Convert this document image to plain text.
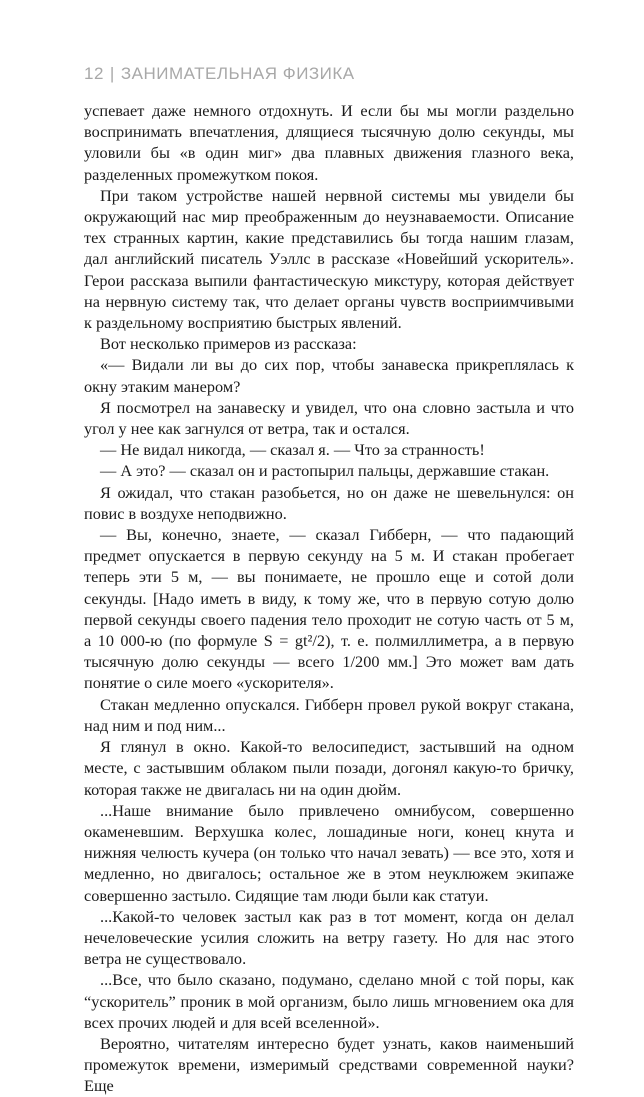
12 | ЗАНИМАТЕЛЬНАЯ ФИЗИКА

успевает даже немного отдохнуть. И если бы мы могли раздельно воспринимать впечатления, длящиеся тысячную долю секунды, мы уловили бы «в один миг» два плавных движения глазного века, разделенных промежутком покоя.

При таком устройстве нашей нервной системы мы увидели бы окружающий нас мир преображенным до неузнаваемости. Описание тех странных картин, какие представились бы тогда нашим глазам, дал английский писатель Уэллс в рассказе «Новейший ускоритель». Герои рассказа выпили фантастическую микстуру, которая действует на нервную систему так, что делает органы чувств восприимчивыми к раздельному восприятию быстрых явлений.

Вот несколько примеров из рассказа:

«— Видали ли вы до сих пор, чтобы занавеска прикреплялась к окну этаким манером?

Я посмотрел на занавеску и увидел, что она словно застыла и что угол у нее как загнулся от ветра, так и остался.

— Не видал никогда, — сказал я. — Что за странность!

— А это? — сказал он и растопырил пальцы, державшие стакан.

Я ожидал, что стакан разобьется, но он даже не шевельнулся: он повис в воздухе неподвижно.

— Вы, конечно, знаете, — сказал Гибберн, — что падающий предмет опускается в первую секунду на 5 м. И стакан пробегает теперь эти 5 м, — вы понимаете, не прошло еще и сотой доли секунды. [Надо иметь в виду, к тому же, что в первую сотую долю первой секунды своего падения тело проходит не сотую часть от 5 м, а 10 000-ю (по формуле S = gt²/2), т. е. полмиллиметра, а в первую тысячную долю секунды — всего 1/200 мм.] Это может вам дать понятие о силе моего «ускорителя».

Стакан медленно опускался. Гибберн провел рукой вокруг стакана, над ним и под ним...

Я глянул в окно. Какой-то велосипедист, застывший на одном месте, с застывшим облаком пыли позади, догонял какую-то бричку, которая также не двигалась ни на один дюйм.

...Наше внимание было привлечено омнибусом, совершенно окаменевшим. Верхушка колес, лошадиные ноги, конец кнута и нижняя челюсть кучера (он только что начал зевать) — все это, хотя и медленно, но двигалось; остальное же в этом неуклюжем экипаже совершенно застыло. Сидящие там люди были как статуи.

...Какой-то человек застыл как раз в тот момент, когда он делал нечеловеческие усилия сложить на ветру газету. Но для нас этого ветра не существовало.

...Все, что было сказано, подумано, сделано мной с той поры, как “ускоритель” проник в мой организм, было лишь мгновением ока для всех прочих людей и для всей вселенной».

Вероятно, читателям интересно будет узнать, каков наименьший промежуток времени, измеримый средствами современной науки? Еще
